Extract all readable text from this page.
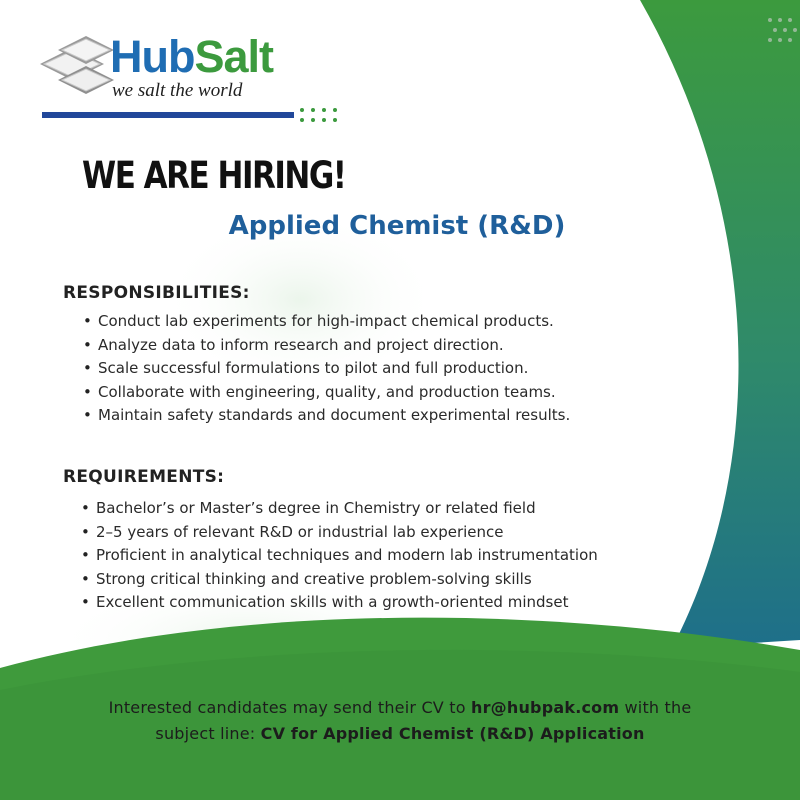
HubSalt
we salt the world
WE ARE HIRING!
Applied Chemist (R&D)
RESPONSIBILITIES:
• Conduct lab experiments for high-impact chemical products.
• Analyze data to inform research and project direction.
• Scale successful formulations to pilot and full production.
• Collaborate with engineering, quality, and production teams.
• Maintain safety standards and document experimental results.
REQUIREMENTS:
• Bachelor’s or Master’s degree in Chemistry or related field
• 2–5 years of relevant R&D or industrial lab experience
• Proficient in analytical techniques and modern lab instrumentation
• Strong critical thinking and creative problem-solving skills
• Excellent communication skills with a growth-oriented mindset
Interested candidates may send their CV to hr@hubpak.com with the
subject line: CV for Applied Chemist (R&D) Application
